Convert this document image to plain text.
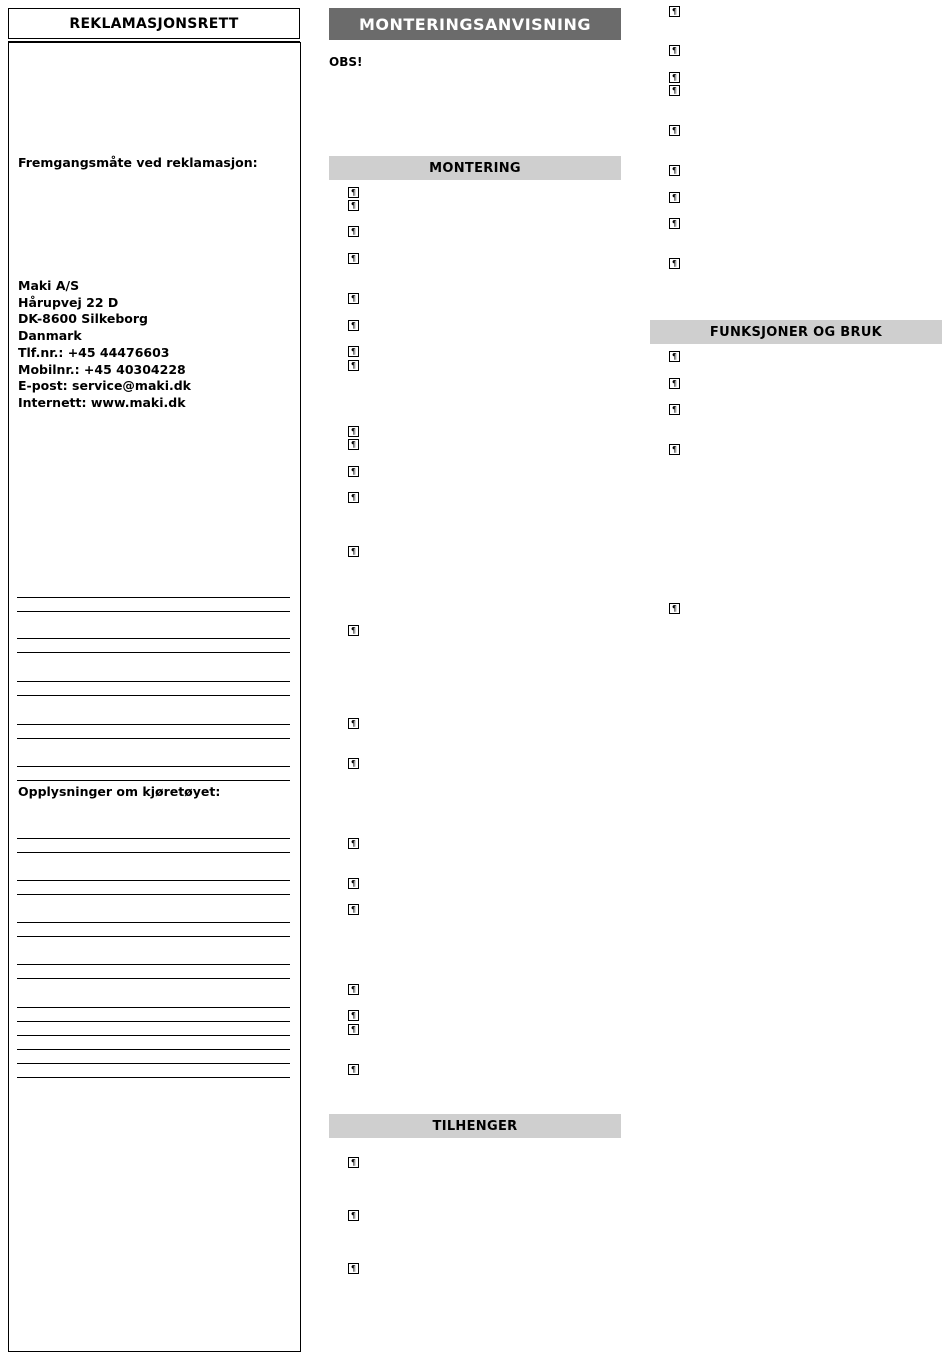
REKLAMASJONSRETT
Fremgangsmåte ved reklamasjon:
Maki A/S
Hårupvej 22 D
DK-8600 Silkeborg
Danmark
Tlf.nr.: +45 44476603
Mobilnr.: +45 40304228
E-post: service@maki.dk
Internett: www.maki.dk
Opplysninger om kjøretøyet:
MONTERINGSANVISNING
OBS!
MONTERING
TILHENGER
FUNKSJONER OG BRUK
¶
¶
¶
¶
¶
¶
¶
¶
¶
¶
¶
¶
¶
¶
¶
¶
¶
¶
¶
¶
¶
¶
¶
¶
¶
¶
¶
¶
¶
¶
¶
¶
¶
¶
¶
¶
¶
¶
¶
¶
